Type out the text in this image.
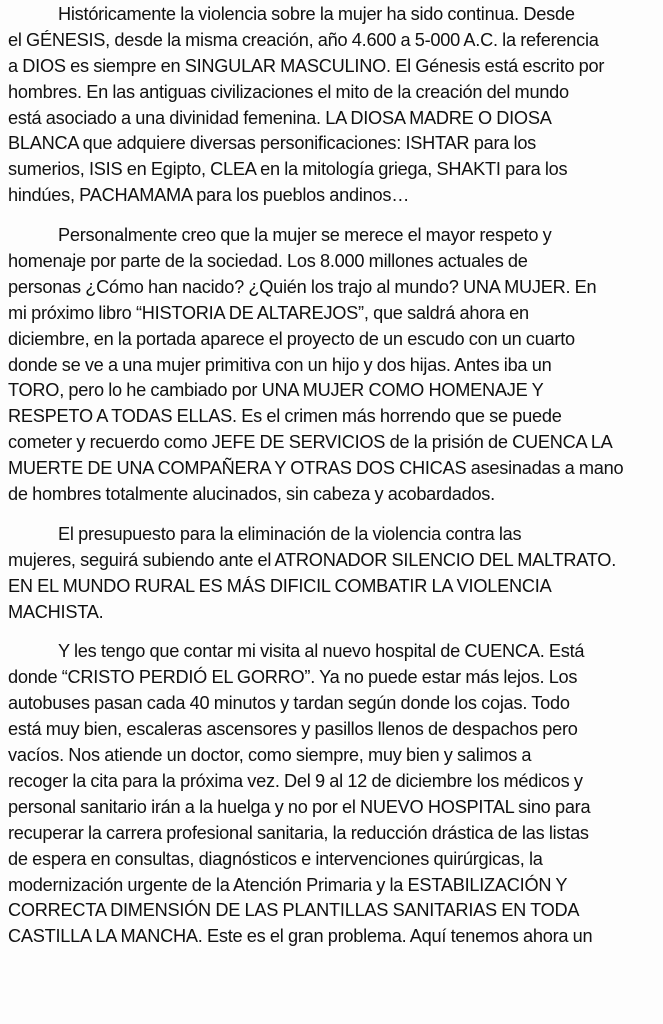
Históricamente la violencia sobre la mujer ha sido continua. Desde
el GÉNESIS, desde la misma creación, año 4.600 a 5-000 A.C. la referencia
a DIOS es siempre en SINGULAR MASCULINO. El Génesis está escrito por
hombres. En las antiguas civilizaciones el mito de la creación del mundo
está asociado a una divinidad femenina. LA DIOSA MADRE O DIOSA
BLANCA que adquiere diversas personificaciones: ISHTAR para los
sumerios, ISIS en Egipto, CLEA en la mitología griega, SHAKTI para los
hindúes, PACHAMAMA para los pueblos andinos…
Personalmente creo que la mujer se merece el mayor respeto y
homenaje por parte de la sociedad. Los 8.000 millones actuales de
personas ¿Cómo han nacido? ¿Quién los trajo al mundo? UNA MUJER. En
mi próximo libro “HISTORIA DE ALTAREJOS”, que saldrá ahora en
diciembre, en la portada aparece el proyecto de un escudo con un cuarto
donde se ve a una mujer primitiva con un hijo y dos hijas. Antes iba un
TORO, pero lo he cambiado por UNA MUJER COMO HOMENAJE Y
RESPETO A TODAS ELLAS. Es el crimen más horrendo que se puede
cometer y recuerdo como JEFE DE SERVICIOS de la prisión de CUENCA LA
MUERTE DE UNA COMPAÑERA Y OTRAS DOS CHICAS asesinadas a mano
de hombres totalmente alucinados, sin cabeza y acobardados.
El presupuesto para la eliminación de la violencia contra las
mujeres, seguirá subiendo ante el ATRONADOR SILENCIO DEL MALTRATO.
EN EL MUNDO RURAL ES MÁS DIFICIL COMBATIR LA VIOLENCIA
MACHISTA.
Y les tengo que contar mi visita al nuevo hospital de CUENCA. Está
donde “CRISTO PERDIÓ EL GORRO”. Ya no puede estar más lejos. Los
autobuses pasan cada 40 minutos y tardan según donde los cojas. Todo
está muy bien, escaleras ascensores y pasillos llenos de despachos pero
vacíos. Nos atiende un doctor, como siempre, muy bien y salimos a
recoger la cita para la próxima vez. Del 9 al 12 de diciembre los médicos y
personal sanitario irán a la huelga y no por el NUEVO HOSPITAL sino para
recuperar la carrera profesional sanitaria, la reducción drástica de las listas
de espera en consultas, diagnósticos e intervenciones quirúrgicas, la
modernización urgente de la Atención Primaria y la ESTABILIZACIÓN Y
CORRECTA DIMENSIÓN DE LAS PLANTILLAS SANITARIAS EN TODA
CASTILLA LA MANCHA. Este es el gran problema. Aquí tenemos ahora un
